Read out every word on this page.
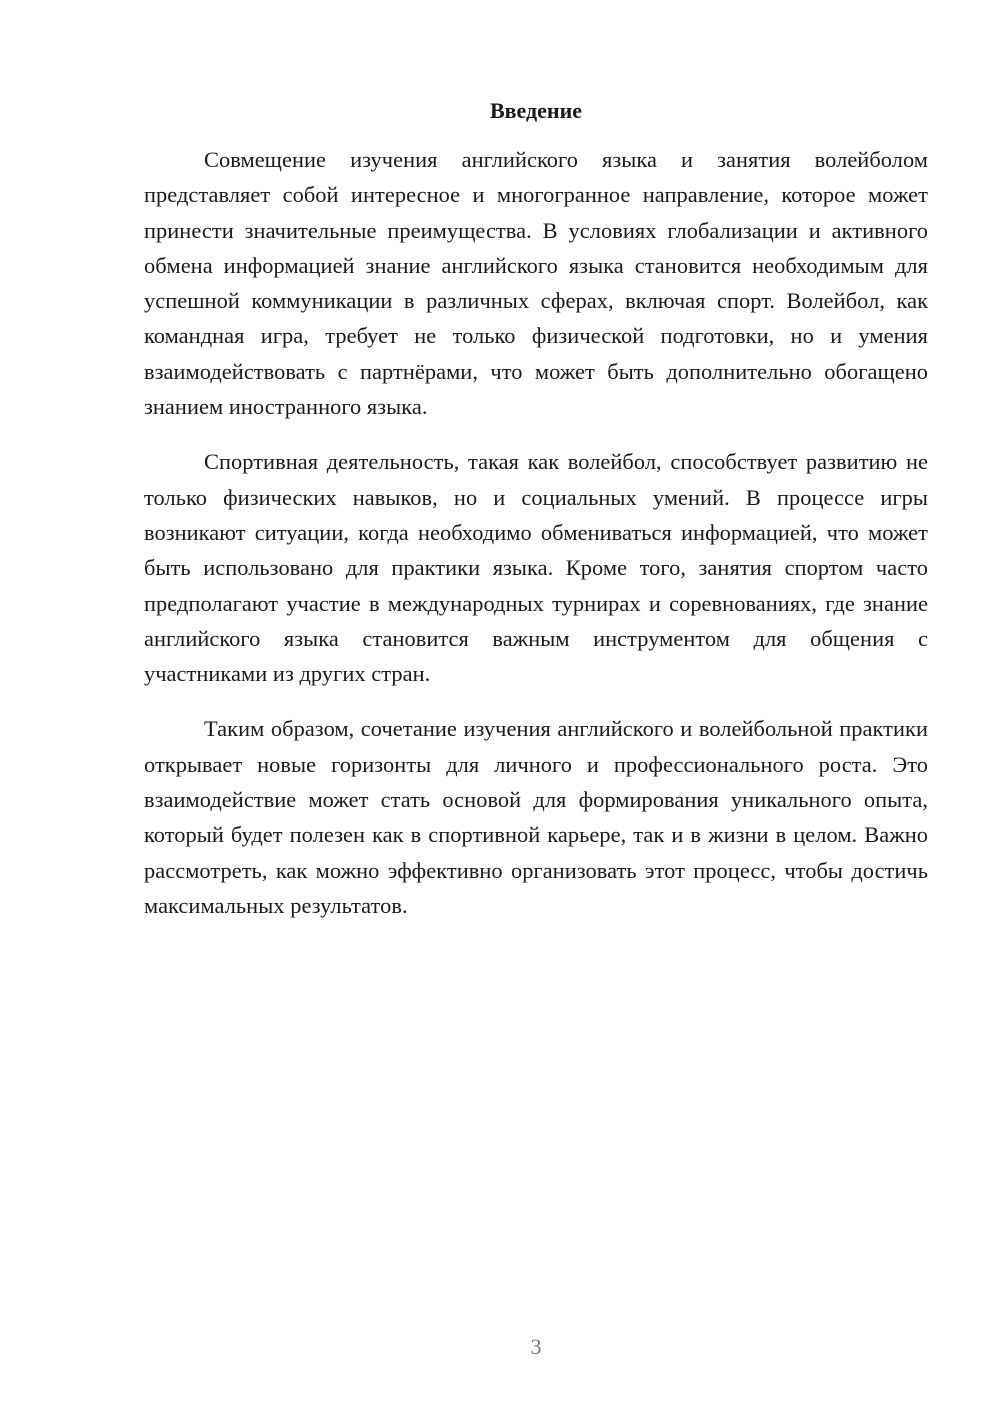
Введение

Совмещение изучения английского языка и занятия волейболом представляет собой интересное и многогранное направление, которое может принести значительные преимущества. В условиях глобализации и активного обмена информацией знание английского языка становится необходимым для успешной коммуникации в различных сферах, включая спорт. Волейбол, как командная игра, требует не только физической подготовки, но и умения взаимодействовать с партнёрами, что может быть дополнительно обогащено знанием иностранного языка.

Спортивная деятельность, такая как волейбол, способствует развитию не только физических навыков, но и социальных умений. В процессе игры возникают ситуации, когда необходимо обмениваться информацией, что может быть использовано для практики языка. Кроме того, занятия спортом часто предполагают участие в международных турнирах и соревнованиях, где знание английского языка становится важным инструментом для общения с участниками из других стран.

Таким образом, сочетание изучения английского и волейбольной практики открывает новые горизонты для личного и профессионального роста. Это взаимодействие может стать основой для формирования уникального опыта, который будет полезен как в спортивной карьере, так и в жизни в целом. Важно рассмотреть, как можно эффективно организовать этот процесс, чтобы достичь максимальных результатов.

3
